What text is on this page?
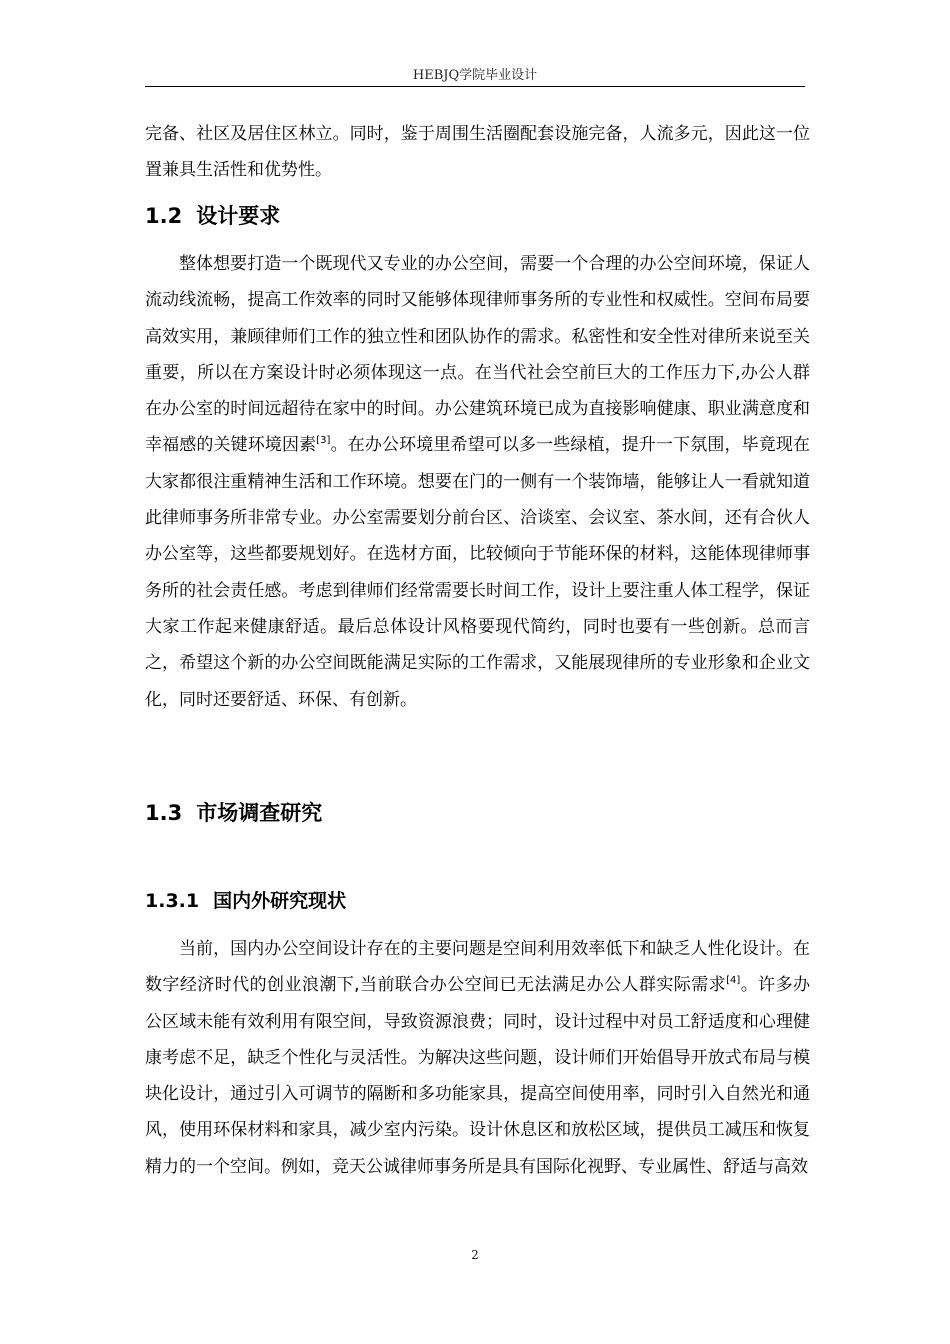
HEBJQ学院毕业设计

完备、社区及居住区林立。同时，鉴于周围生活圈配套设施完备，人流多元，因此这一位置兼具生活性和优势性。

1.2 设计要求

整体想要打造一个既现代又专业的办公空间，需要一个合理的办公空间环境，保证人流动线流畅，提高工作效率的同时又能够体现律师事务所的专业性和权威性。空间布局要高效实用，兼顾律师们工作的独立性和团队协作的需求。私密性和安全性对律所来说至关重要，所以在方案设计时必须体现这一点。在当代社会空前巨大的工作压力下,办公人群在办公室的时间远超待在家中的时间。办公建筑环境已成为直接影响健康、职业满意度和幸福感的关键环境因素[3]。在办公环境里希望可以多一些绿植，提升一下氛围，毕竟现在大家都很注重精神生活和工作环境。想要在门的一侧有一个装饰墙，能够让人一看就知道此律师事务所非常专业。办公室需要划分前台区、洽谈室、会议室、茶水间，还有合伙人办公室等，这些都要规划好。在选材方面，比较倾向于节能环保的材料，这能体现律师事务所的社会责任感。考虑到律师们经常需要长时间工作，设计上要注重人体工程学，保证大家工作起来健康舒适。最后总体设计风格要现代简约，同时也要有一些创新。总而言之，希望这个新的办公空间既能满足实际的工作需求，又能展现律所的专业形象和企业文化，同时还要舒适、环保、有创新。

1.3 市场调查研究
1.3.1 国内外研究现状

当前，国内办公空间设计存在的主要问题是空间利用效率低下和缺乏人性化设计。在数字经济时代的创业浪潮下,当前联合办公空间已无法满足办公人群实际需求[4]。许多办公区域未能有效利用有限空间，导致资源浪费；同时，设计过程中对员工舒适度和心理健康考虑不足，缺乏个性化与灵活性。为解决这些问题，设计师们开始倡导开放式布局与模块化设计，通过引入可调节的隔断和多功能家具，提高空间使用率，同时引入自然光和通风，使用环保材料和家具，减少室内污染。设计休息区和放松区域，提供员工减压和恢复精力的一个空间。例如，竞天公诚律师事务所是具有国际化视野、专业属性、舒适与高效

2
